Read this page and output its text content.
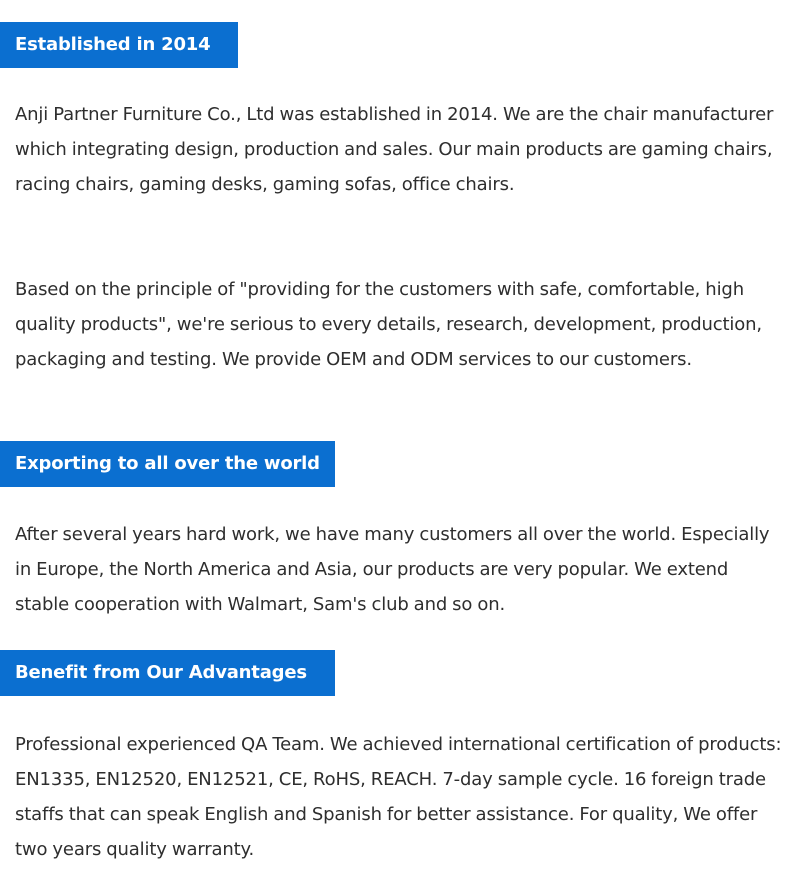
Established in 2014

Anji Partner Furniture Co., Ltd was established in 2014. We are the chair manufacturer which integrating design, production and sales. Our main products are gaming chairs, racing chairs, gaming desks, gaming sofas, office chairs.

Based on the principle of "providing for the customers with safe, comfortable, high quality products", we're serious to every details, research, development, production, packaging and testing. We provide OEM and ODM services to our customers.

Exporting to all over the world

After several years hard work, we have many customers all over the world. Especially in Europe, the North America and Asia, our products are very popular. We extend stable cooperation with Walmart, Sam's club and so on.

Benefit from Our Advantages

Professional experienced QA Team. We achieved international certification of products: EN1335, EN12520, EN12521, CE, RoHS, REACH. 7-day sample cycle. 16 foreign trade staffs that can speak English and Spanish for better assistance. For quality, We offer two years quality warranty.
